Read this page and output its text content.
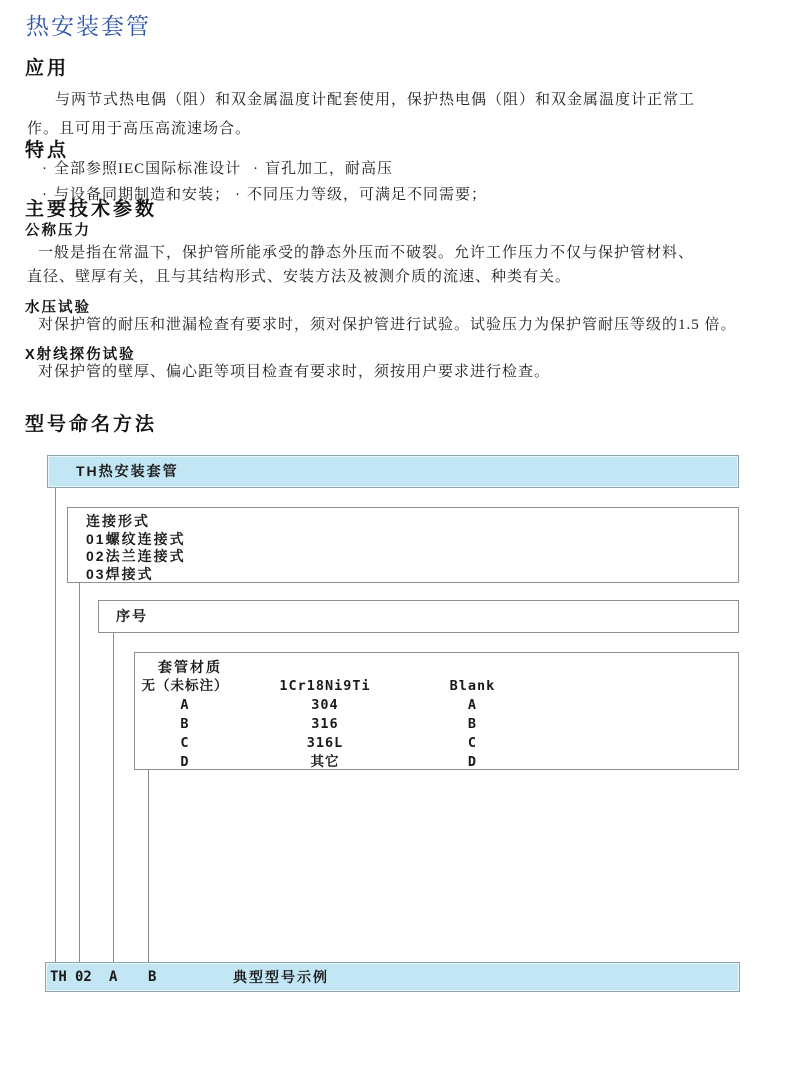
热安装套管
应用
与两节式热电偶（阻）和双金属温度计配套使用，保护热电偶（阻）和双金属温度计正常工
作。且可用于高压高流速场合。
特点
· 全部参照IEC国际标准设计 · 盲孔加工，耐高压
· 与设备同期制造和安装； · 不同压力等级，可满足不同需要；
主要技术参数
公称压力
一般是指在常温下，保护管所能承受的静态外压而不破裂。允许工作压力不仅与保护管材料、
直径、壁厚有关，且与其结构形式、安装方法及被测介质的流速、种类有关。
水压试验
对保护管的耐压和泄漏检查有要求时，须对保护管进行试验。试验压力为保护管耐压等级的1.5 倍。
X射线探伤试验
对保护管的壁厚、偏心距等项目检查有要求时，须按用户要求进行检查。
型号命名方法
TH热安装套管
连接形式
01螺纹连接式
02法兰连接式
03焊接式
序号
套管材质
无（未标注）	1Cr18Ni9Ti	Blank
A	304	A
B	316	B
C	316L	C
D	其它	D
TH 02 A B	典型型号示例
